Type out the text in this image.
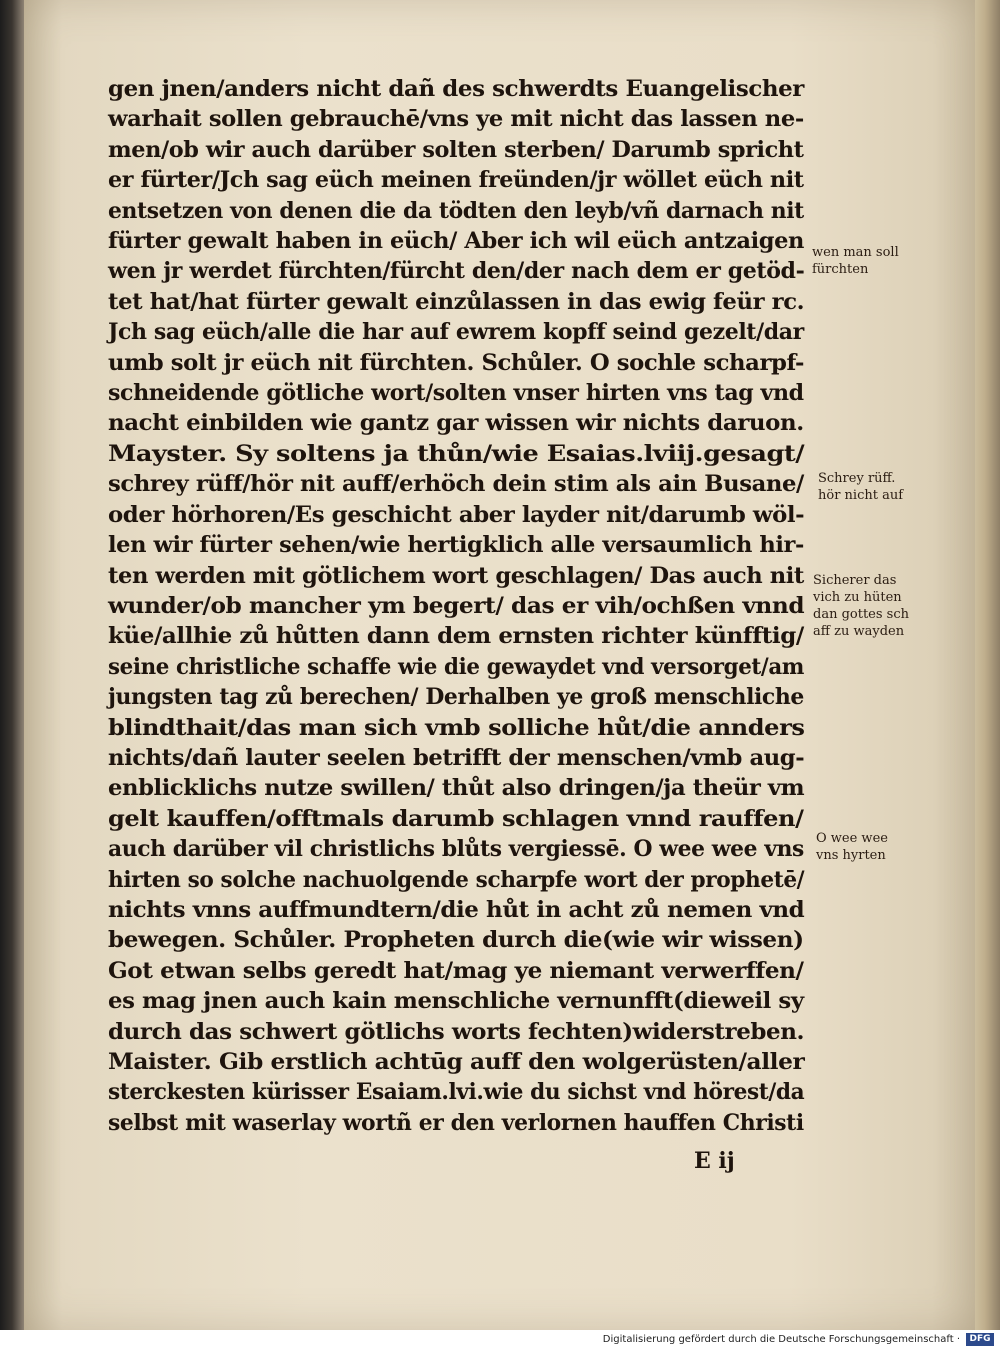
gen jnen/anders nicht dañ des schwerdts Euangelischer
warhait sollen gebrauchē/vns ye mit nicht das lassen ne-
men/ob wir auch darüber solten sterben/ Darumb spricht
er fürter/Jch sag eüch meinen freünden/jr wöllet eüch nit
entsetzen von denen die da tödten den leyb/vñ darnach nit
fürter gewalt haben in eüch/ Aber ich wil eüch antzaigen
wen jr werdet fürchten/fürcht den/der nach dem er getöd-
tet hat/hat fürter gewalt einzůlassen in das ewig feür rc.
Jch sag eüch/alle die har auf ewrem kopff seind gezelt/dar
umb solt jr eüch nit fürchten. Schůler. O sochle scharpf-
schneidende götliche wort/solten vnser hirten vns tag vnd
nacht einbilden wie gantz gar wissen wir nichts daruon.
Mayster. Sy soltens ja thůn/wie Esaias.lviij.gesagt/
schrey rüff/hör nit auff/erhöch dein stim als ain Busane/
oder hörhoren/Es geschicht aber layder nit/darumb wöl-
len wir fürter sehen/wie hertigklich alle versaumlich hir-
ten werden mit götlichem wort geschlagen/ Das auch nit
wunder/ob mancher ym begert/ das er vih/ochßen vnnd
küe/allhie zů hůtten dann dem ernsten richter künfftig/
seine christliche schaffe wie die gewaydet vnd versorget/am
jungsten tag zů berechen/ Derhalben ye groß menschliche
blindthait/das man sich vmb solliche hůt/die annders
nichts/dañ lauter seelen betrifft der menschen/vmb aug-
enblicklichs nutze swillen/ thůt also dringen/ja theür vm
gelt kauffen/offtmals darumb schlagen vnnd rauffen/
auch darüber vil christlichs blůts vergiessē. O wee wee vns
hirten so solche nachuolgende scharpfe wort der prophetē/
nichts vnns auffmundtern/die hůt in acht zů nemen vnd
bewegen. Schůler. Propheten durch die(wie wir wissen)
Got etwan selbs geredt hat/mag ye niemant verwerffen/
es mag jnen auch kain menschliche vernunfft(dieweil sy
durch das schwert götlichs worts fechten)widerstreben.
Maister. Gib erstlich achtūg auff den wolgerüsten/aller
sterckesten kürisser Esaiam.lvi.wie du sichst vnd hörest/da
selbst mit waserlay wortñ er den verlornen hauffen Christi
wen man soll
fürchten
Schrey rüff.
hör nicht auf
Sicherer das
vich zu hüten
dan gottes sch
aff zu wayden
O wee wee
vns hyrten
E ij
Digitalisierung gefördert durch die Deutsche Forschungsgemeinschaft ·	DFG
